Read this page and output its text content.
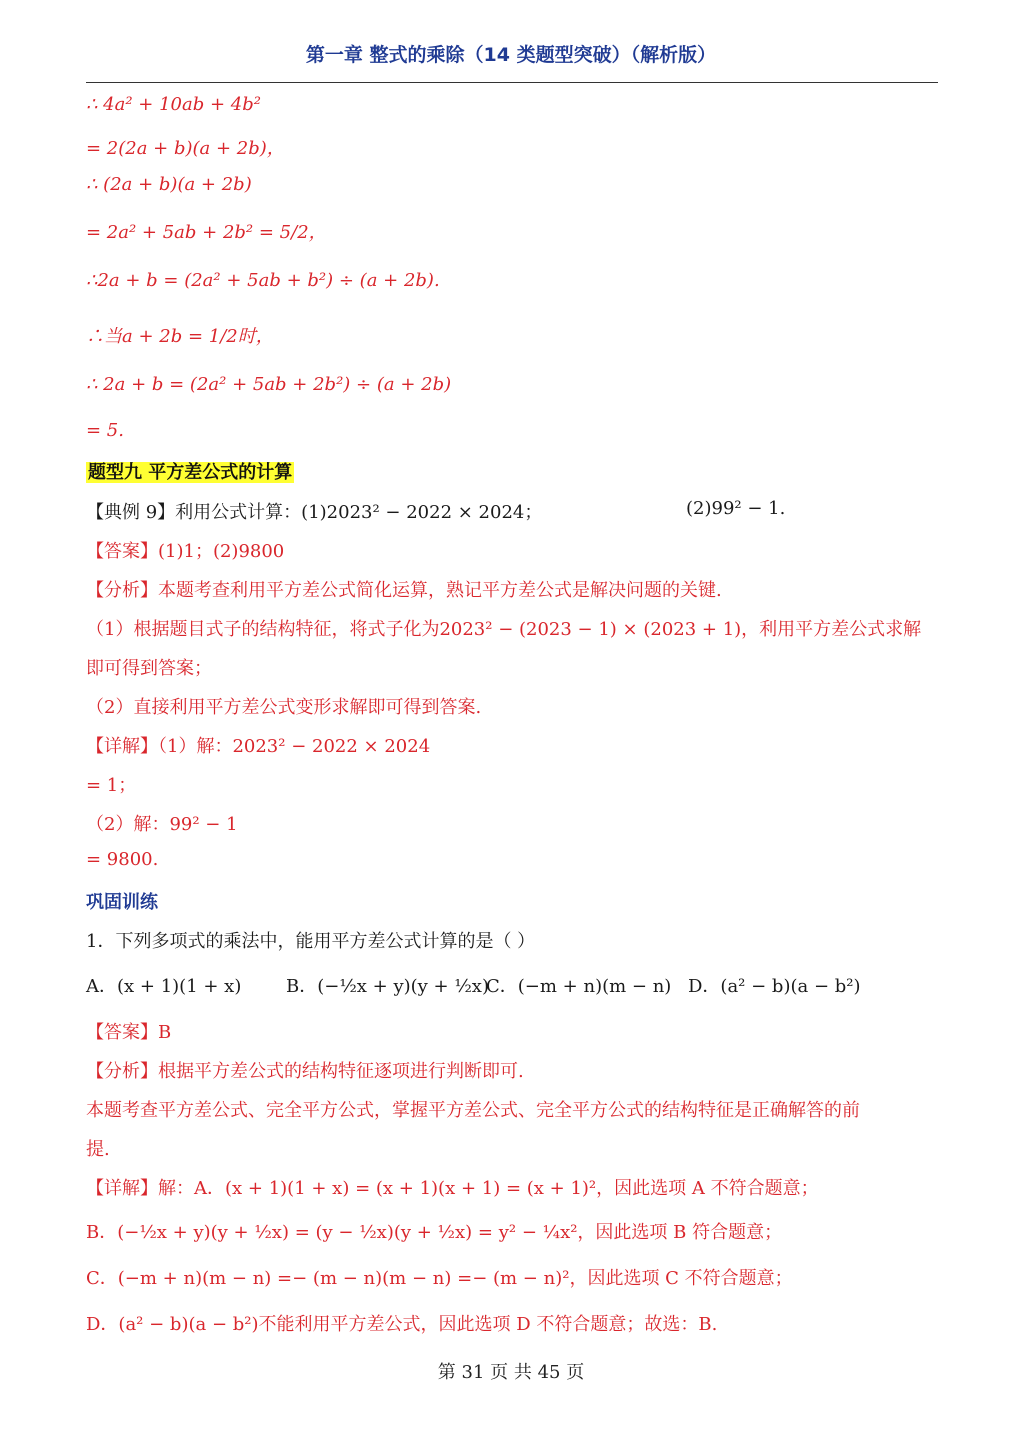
第一章 整式的乘除（14 类题型突破）（解析版）
∴ 4a² + 10ab + 4b²
= 2(2a + b)(a + 2b)，
∴ (2a + b)(a + 2b)
= 2a² + 5ab + 2b² = 5/2，
∴2a + b = (2a² + 5ab + b²) ÷ (a + 2b).
∴当a + 2b = 1/2时，
∴ 2a + b = (2a² + 5ab + 2b²) ÷ (a + 2b)
= 5.
题型九 平方差公式的计算
【典例 9】利用公式计算：(1)2023² − 2022 × 2024；	(2)99² − 1.
【答案】(1)1；(2)9800
【分析】本题考查利用平方差公式简化运算，熟记平方差公式是解决问题的关键.
（1）根据题目式子的结构特征，将式子化为2023² − (2023 − 1) × (2023 + 1)，利用平方差公式求解
即可得到答案；
（2）直接利用平方差公式变形求解即可得到答案.
【详解】（1）解：2023² − 2022 × 2024
= 1；
（2）解：99² − 1
= 9800.
巩固训练
1．下列多项式的乘法中，能用平方差公式计算的是（ ）
A．(x + 1)(1 + x) B．(−½x + y)(y + ½x)
C．(−m + n)(m − n) D．(a² − b)(a − b²)
【答案】B
【分析】根据平方差公式的结构特征逐项进行判断即可.
本题考查平方差公式、完全平方公式，掌握平方差公式、完全平方公式的结构特征是正确解答的前
提.
【详解】解：A．(x + 1)(1 + x) = (x + 1)(x + 1) = (x + 1)²，因此选项 A 不符合题意；
B．(−½x + y)(y + ½x) = (y − ½x)(y + ½x) = y² − ¼x²，因此选项 B 符合题意；
C．(−m + n)(m − n) =− (m − n)(m − n) =− (m − n)²，因此选项 C 不符合题意；
D．(a² − b)(a − b²)不能利用平方差公式，因此选项 D 不符合题意；故选：B.
第 31 页 共 45 页
